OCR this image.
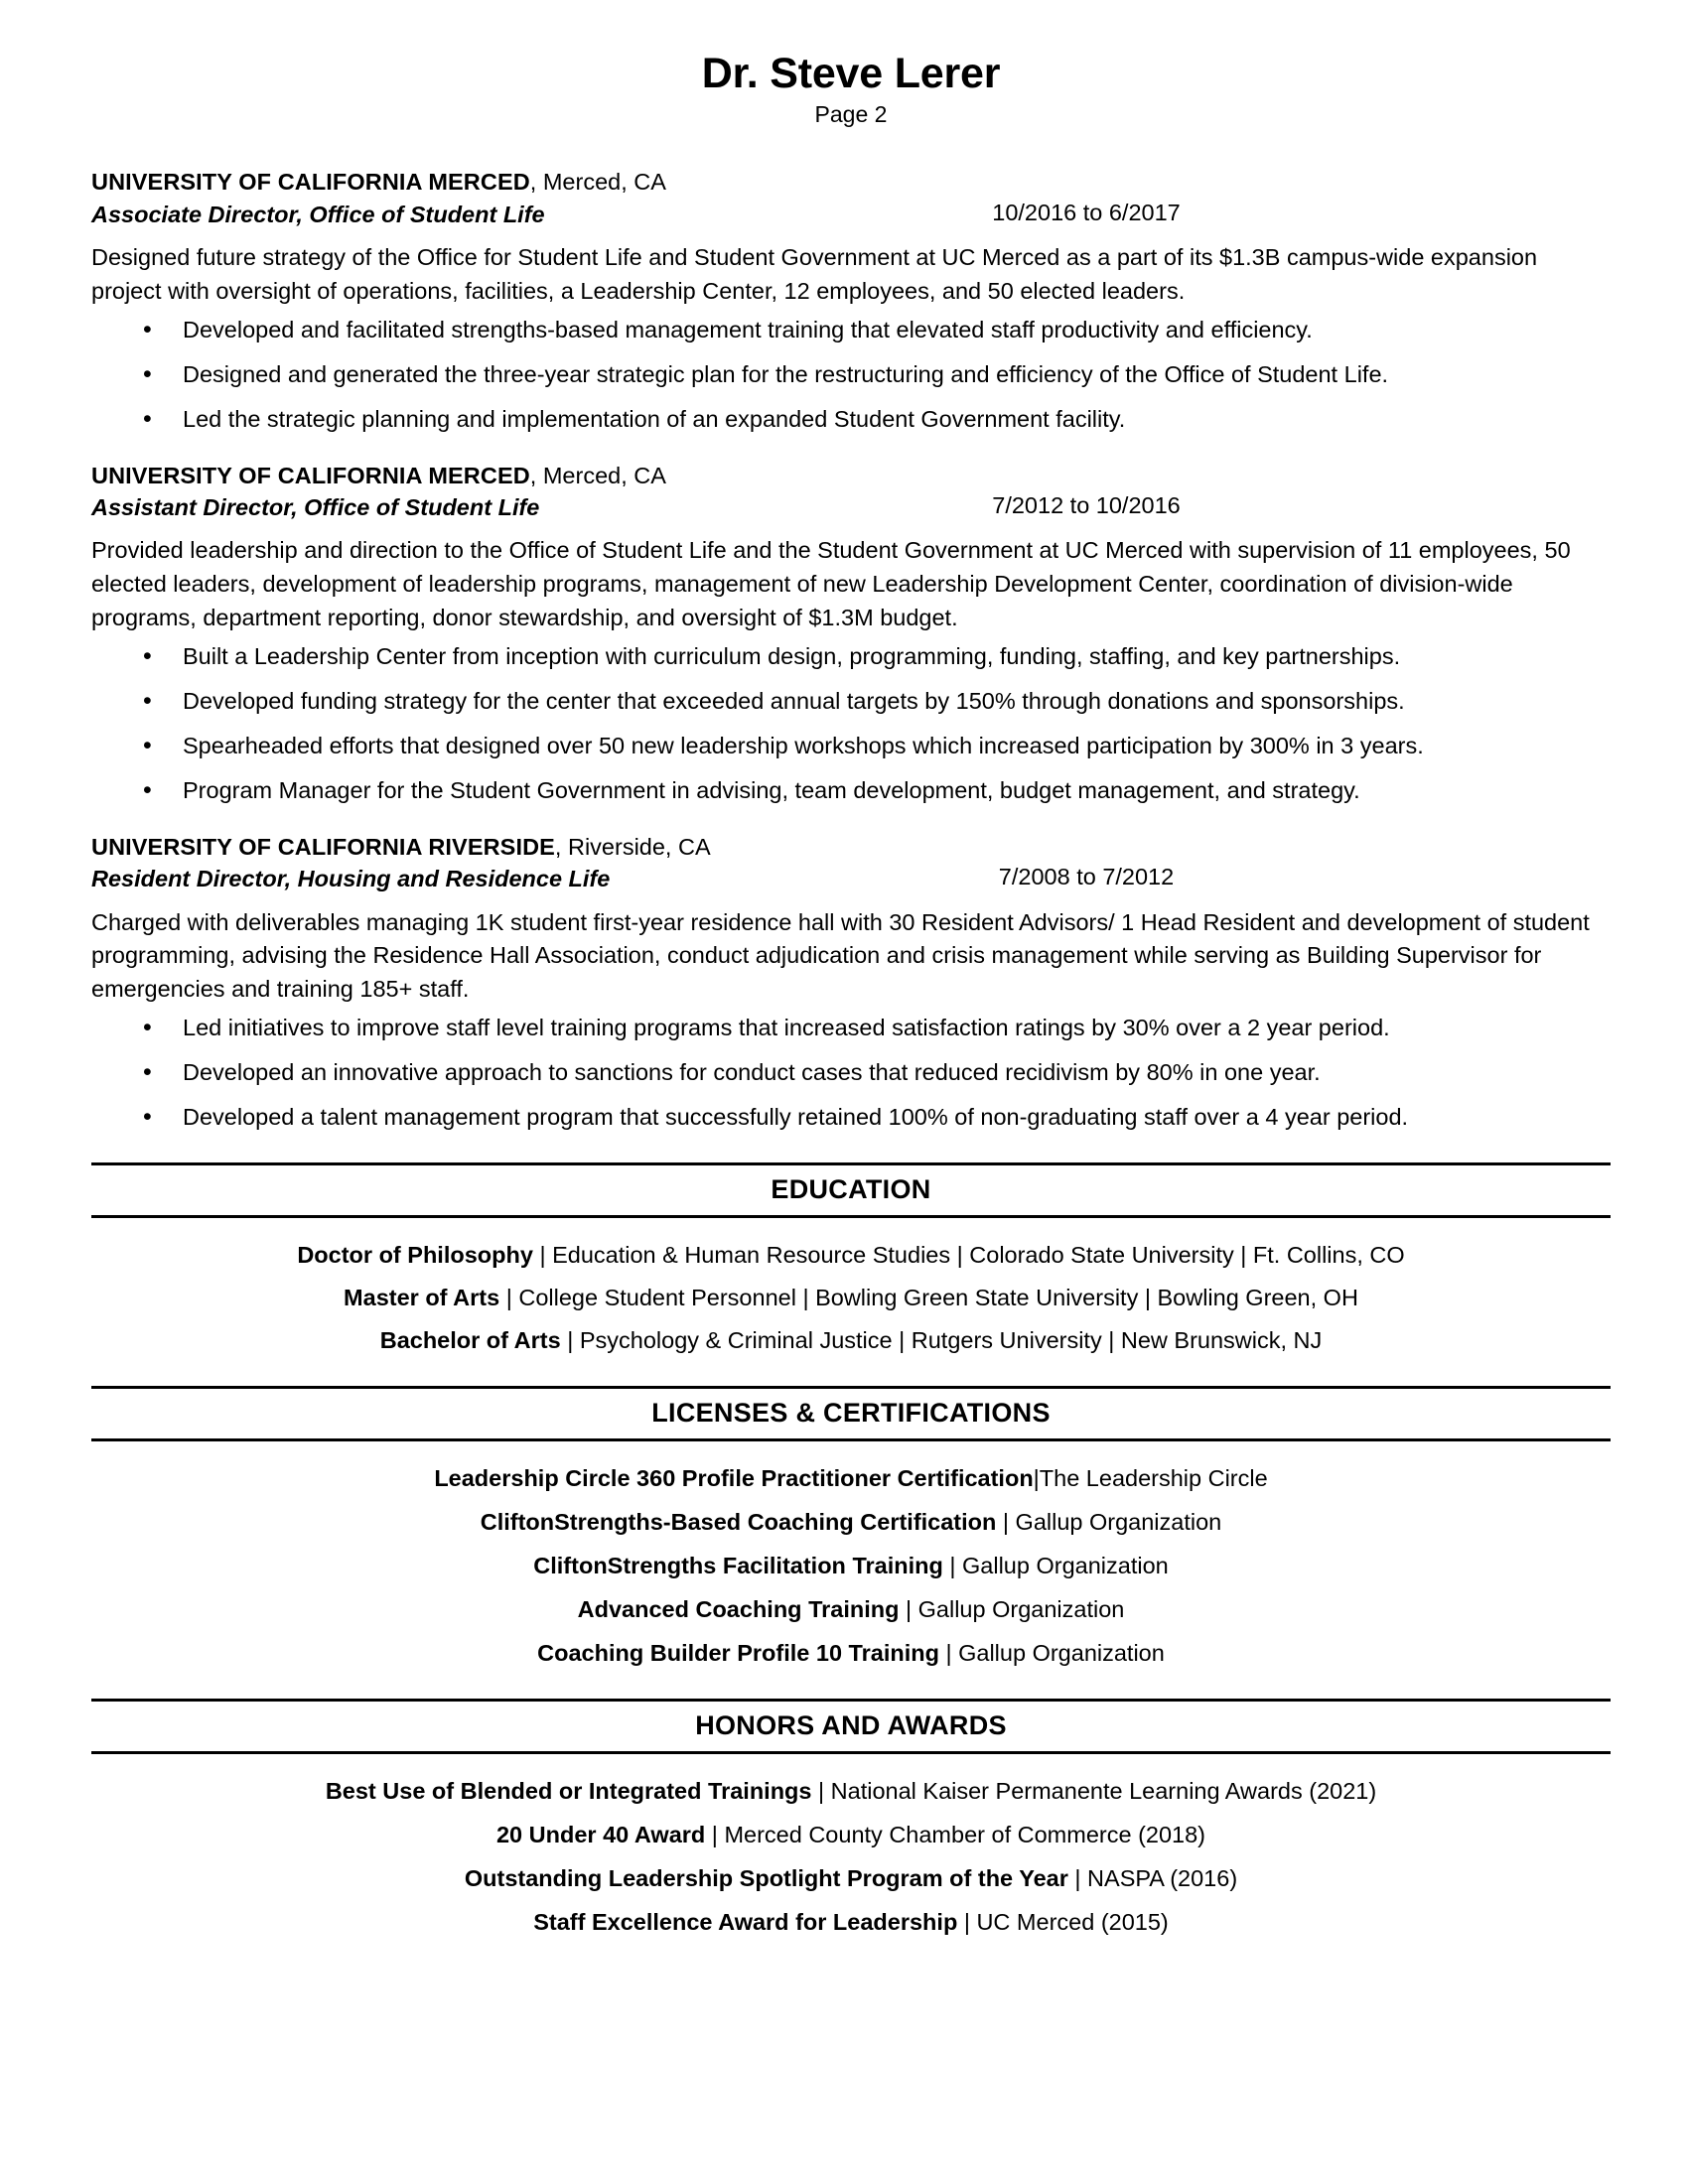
Dr. Steve Lerer
Page 2
UNIVERSITY OF CALIFORNIA MERCED, Merced, CA
10/2016 to 6/2017
Associate Director, Office of Student Life
Designed future strategy of the Office for Student Life and Student Government at UC Merced as a part of its $1.3B campus-wide expansion project with oversight of operations, facilities, a Leadership Center, 12 employees, and 50 elected leaders.
• Developed and facilitated strengths-based management training that elevated staff productivity and efficiency.
• Designed and generated the three-year strategic plan for the restructuring and efficiency of the Office of Student Life.
• Led the strategic planning and implementation of an expanded Student Government facility.
UNIVERSITY OF CALIFORNIA MERCED, Merced, CA
7/2012 to 10/2016
Assistant Director, Office of Student Life
Provided leadership and direction to the Office of Student Life and the Student Government at UC Merced with supervision of 11 employees, 50 elected leaders, development of leadership programs, management of new Leadership Development Center, coordination of division-wide programs, department reporting, donor stewardship, and oversight of $1.3M budget.
• Built a Leadership Center from inception with curriculum design, programming, funding, staffing, and key partnerships.
• Developed funding strategy for the center that exceeded annual targets by 150% through donations and sponsorships.
• Spearheaded efforts that designed over 50 new leadership workshops which increased participation by 300% in 3 years.
• Program Manager for the Student Government in advising, team development, budget management, and strategy.
UNIVERSITY OF CALIFORNIA RIVERSIDE, Riverside, CA
7/2008 to 7/2012
Resident Director, Housing and Residence Life
Charged with deliverables managing 1K student first-year residence hall with 30 Resident Advisors/ 1 Head Resident and development of student programming, advising the Residence Hall Association, conduct adjudication and crisis management while serving as Building Supervisor for emergencies and training 185+ staff.
• Led initiatives to improve staff level training programs that increased satisfaction ratings by 30% over a 2 year period.
• Developed an innovative approach to sanctions for conduct cases that reduced recidivism by 80% in one year.
• Developed a talent management program that successfully retained 100% of non-graduating staff over a 4 year period.
EDUCATION
Doctor of Philosophy | Education & Human Resource Studies | Colorado State University | Ft. Collins, CO
Master of Arts | College Student Personnel | Bowling Green State University | Bowling Green, OH
Bachelor of Arts | Psychology & Criminal Justice | Rutgers University | New Brunswick, NJ
LICENSES & CERTIFICATIONS
Leadership Circle 360 Profile Practitioner Certification|The Leadership Circle
CliftonStrengths-Based Coaching Certification | Gallup Organization
CliftonStrengths Facilitation Training | Gallup Organization
Advanced Coaching Training | Gallup Organization
Coaching Builder Profile 10 Training | Gallup Organization
HONORS AND AWARDS
Best Use of Blended or Integrated Trainings | National Kaiser Permanente Learning Awards (2021)
20 Under 40 Award | Merced County Chamber of Commerce (2018)
Outstanding Leadership Spotlight Program of the Year | NASPA (2016)
Staff Excellence Award for Leadership | UC Merced (2015)
